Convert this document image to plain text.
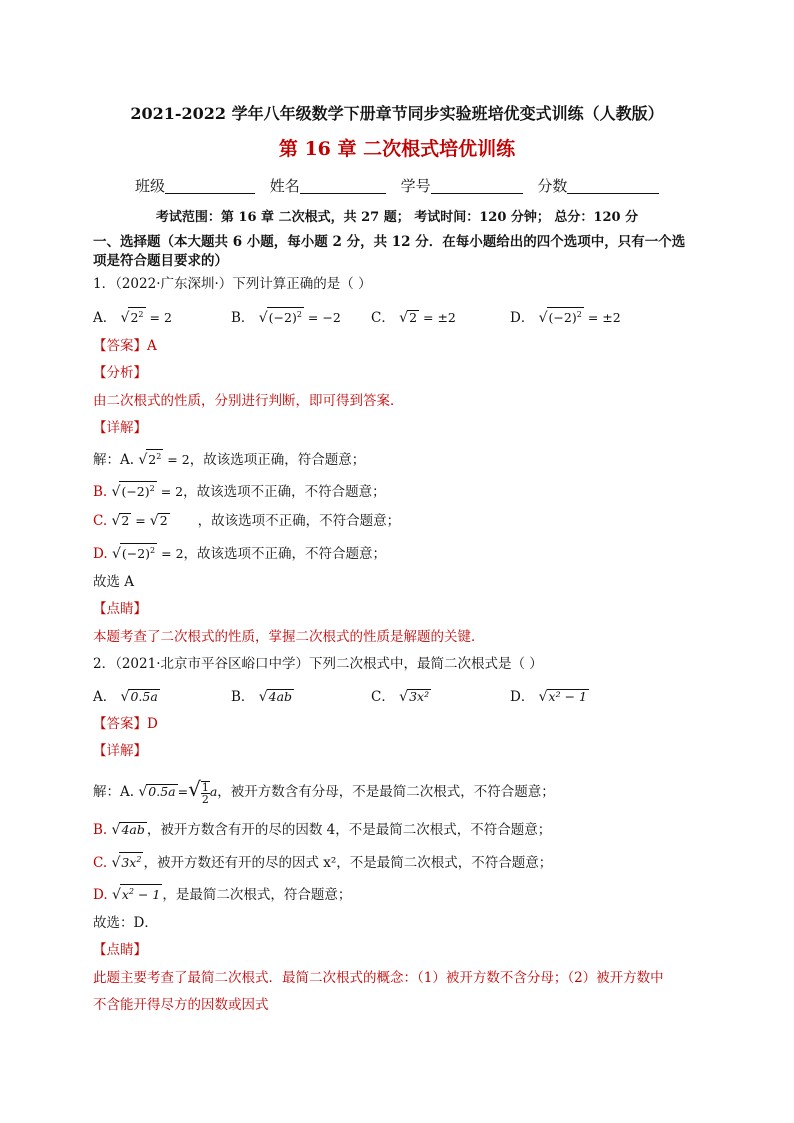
2021-2022 学年八年级数学下册章节同步实验班培优变式训练（人教版）
第 16 章 二次根式培优训练
班级	姓名	学号	分数
考试范围：第 16 章 二次根式，共 27 题； 考试时间：120 分钟； 总分：120 分
一、选择题（本大题共 6 小题，每小题 2 分，共 12 分．在每小题给出的四个选项中，只有一个选
项是符合题目要求的）
1．（2022·广东深圳·）下列计算正确的是（ ）
A． $√2^2 = 2$	B． $√(-2)^2 = -2$ C． √2 = ±2	D． $√(-2)^2 = \pm 2$
【答案】A
【分析】
由二次根式的性质，分别进行判断，即可得到答案．
【详解】
解：A. $√2^2 = 2$，故该选项正确，符合题意；
B. $√(-2)^2 = 2$，故该选项不正确，不符合题意；
C. √2 = √2 ，故该选项不正确，不符合题意；
D. $√(-2)^2 = 2$，故该选项不正确，不符合题意；
故选 A
【点睛】
本题考查了二次根式的性质，掌握二次根式的性质是解题的关键．
2．（2021·北京市平谷区峪口中学）下列二次根式中，最简二次根式是（ ）
A． √0.5a	B． √4ab	C． √3x²	D． √x² − 1
【答案】D
【详解】
解：A. √0.5a =√ $\frac{1}{2}$ a，被开方数含有分母，不是最简二次根式，不符合题意；
B. √4ab ，被开方数含有开的尽的因数 4，不是最简二次根式，不符合题意；
C. $√3x^2$ ，被开方数还有开的尽的因式 x²，不是最简二次根式，不符合题意；
D. $√x^2 - 1$ ，是最简二次根式，符合题意；
故选：D．
【点睛】
此题主要考查了最简二次根式．最简二次根式的概念：（1）被开方数不含分母；（2）被开方数中
不含能开得尽方的因数或因式
